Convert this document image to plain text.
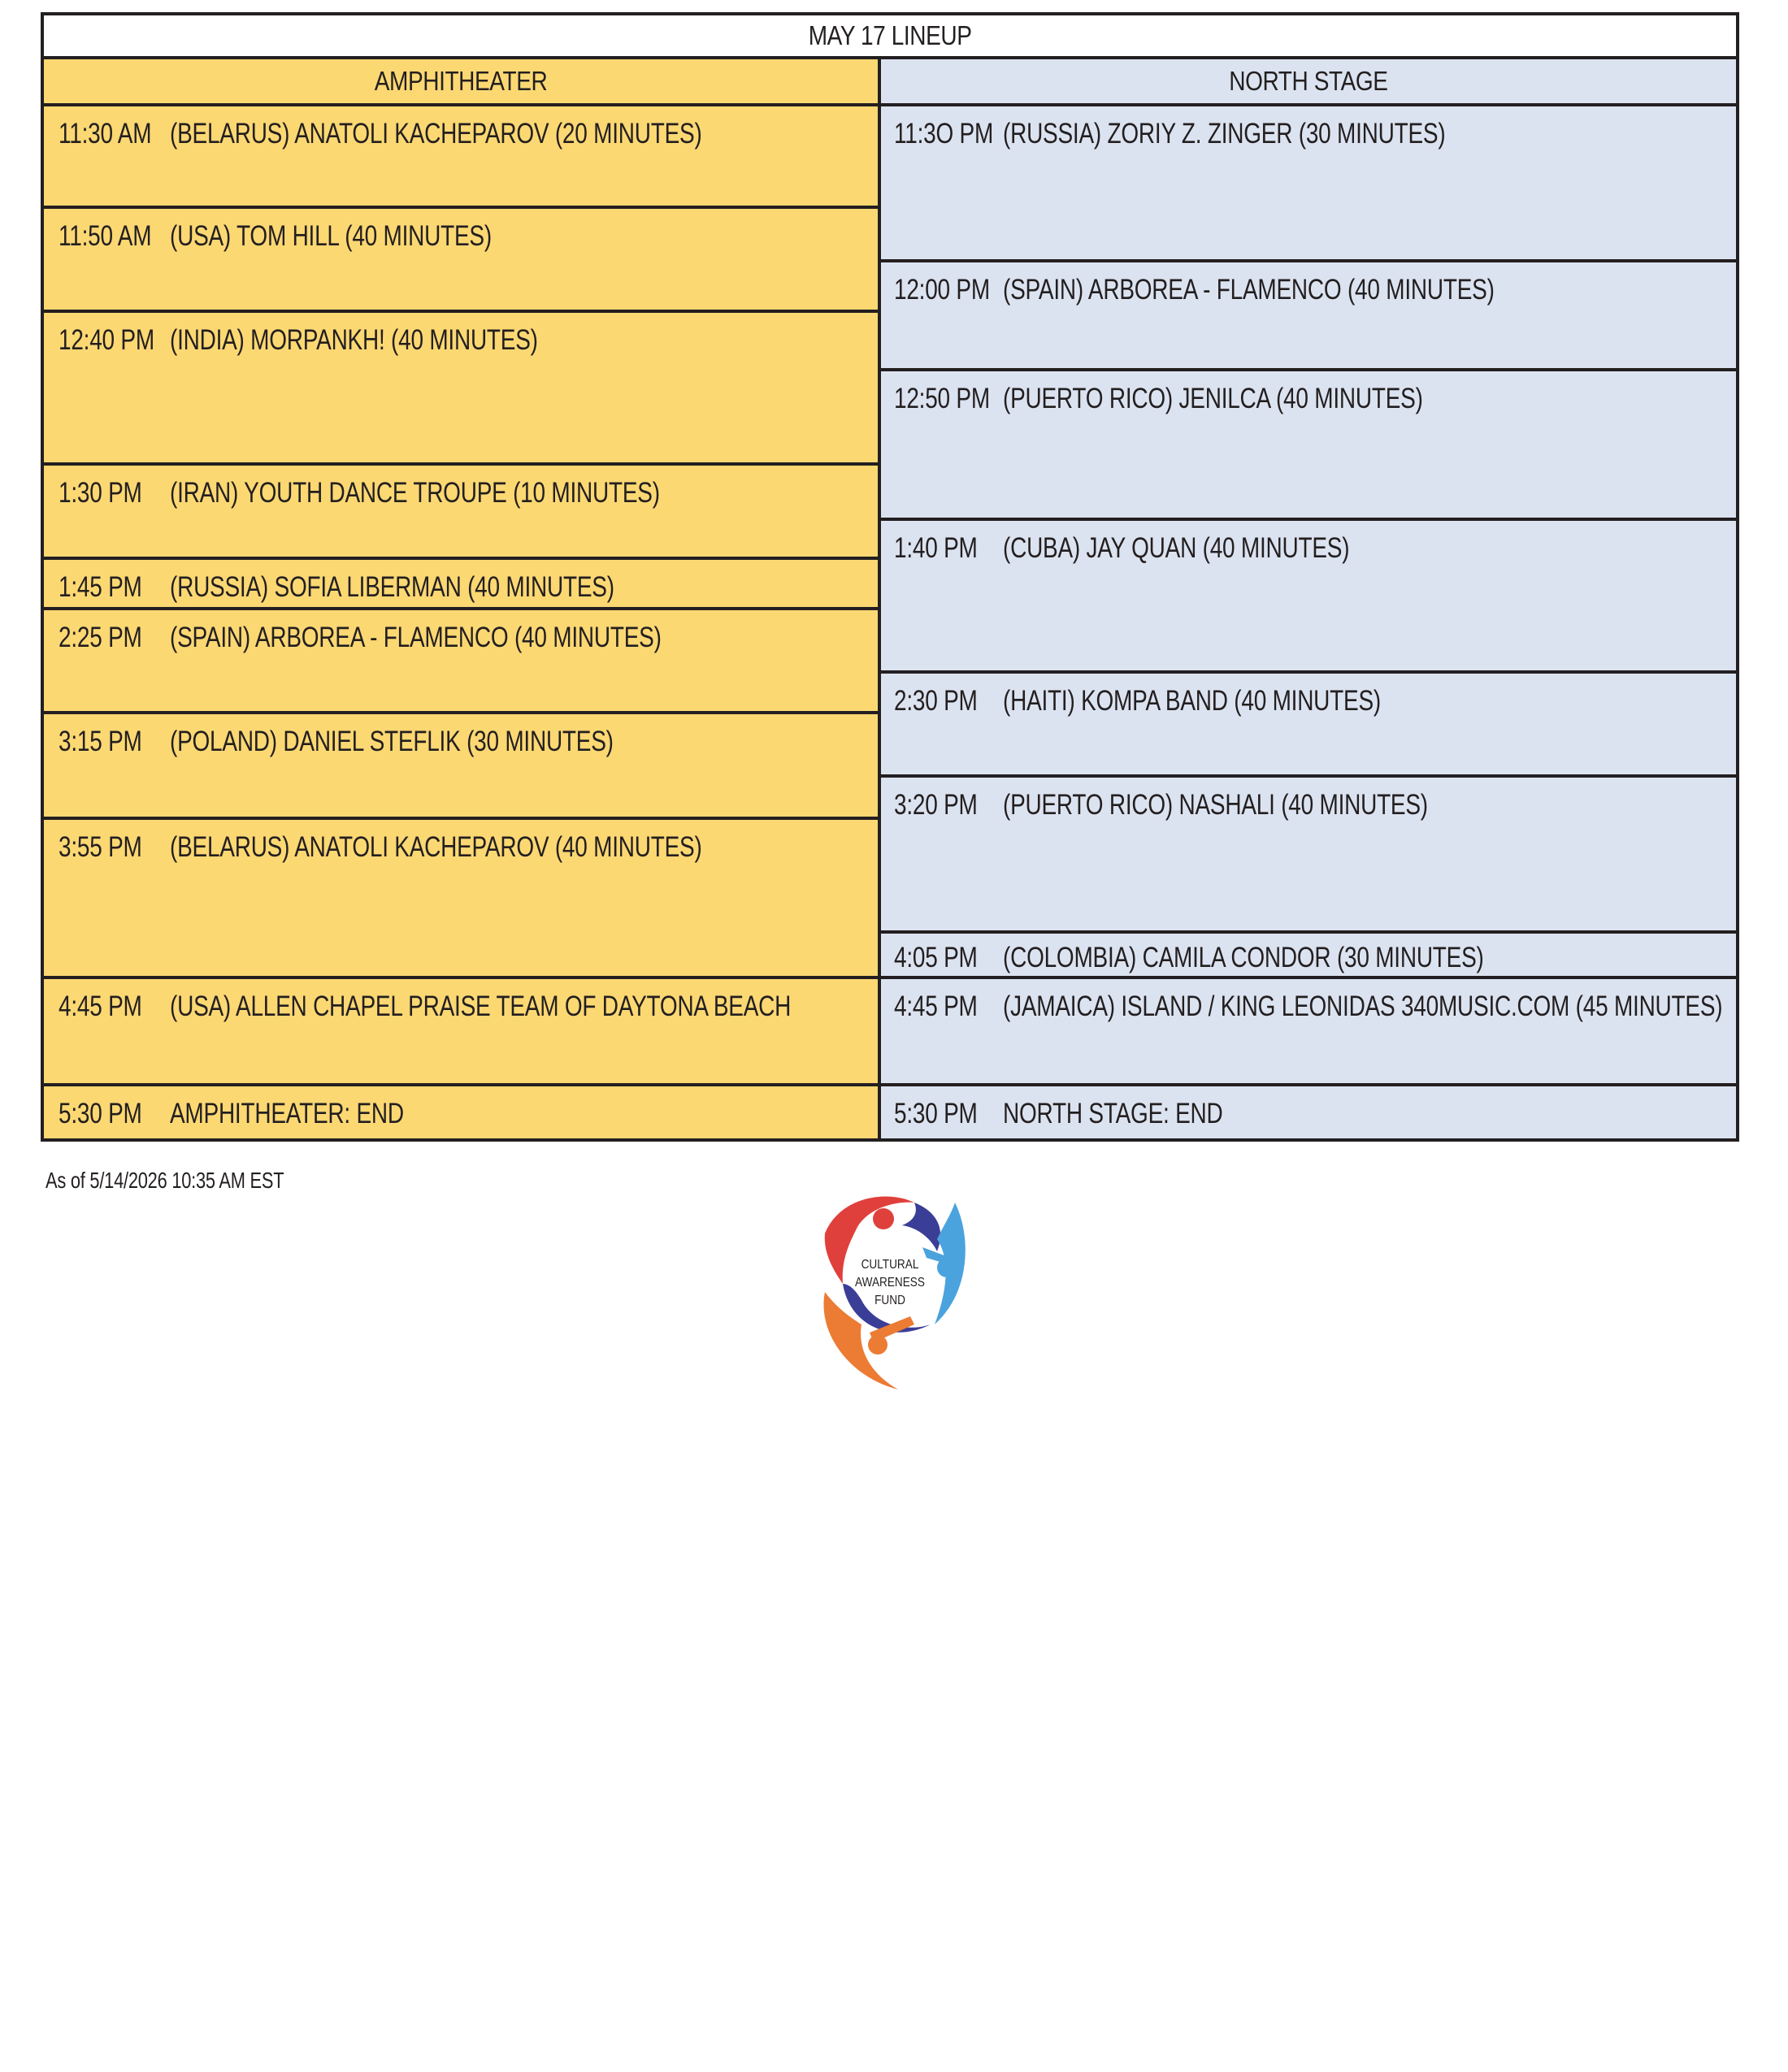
MAY 17 LINEUP
AMPHITHEATER
11:30 AM (BELARUS) ANATOLI KACHEPAROV (20 MINUTES)
11:50 AM (USA) TOM HILL (40 MINUTES)
12:40 PM (INDIA) MORPANKH! (40 MINUTES)
1:30 PM (IRAN) YOUTH DANCE TROUPE (10 MINUTES)
1:45 PM (RUSSIA) SOFIA LIBERMAN (40 MINUTES)
2:25 PM (SPAIN) ARBOREA - FLAMENCO (40 MINUTES)
3:15 PM (POLAND) DANIEL STEFLIK (30 MINUTES)
3:55 PM (BELARUS) ANATOLI KACHEPAROV (40 MINUTES)
4:45 PM (USA) ALLEN CHAPEL PRAISE TEAM OF DAYTONA BEACH
5:30 PM AMPHITHEATER: END
NORTH STAGE
11:3O PM (RUSSIA) ZORIY Z. ZINGER (30 MINUTES)
12:00 PM (SPAIN) ARBOREA - FLAMENCO (40 MINUTES)
12:50 PM (PUERTO RICO) JENILCA (40 MINUTES)
1:40 PM (CUBA) JAY QUAN (40 MINUTES)
2:30 PM (HAITI) KOMPA BAND (40 MINUTES)
3:20 PM (PUERTO RICO) NASHALI (40 MINUTES)
4:05 PM (COLOMBIA) CAMILA CONDOR (30 MINUTES)
4:45 PM (JAMAICA) ISLAND / KING LEONIDAS 340MUSIC.COM (45 MINUTES)
5:30 PM NORTH STAGE: END
As of 5/14/2026 10:35 AM EST
CULTURAL
AWARENESS
FUND
